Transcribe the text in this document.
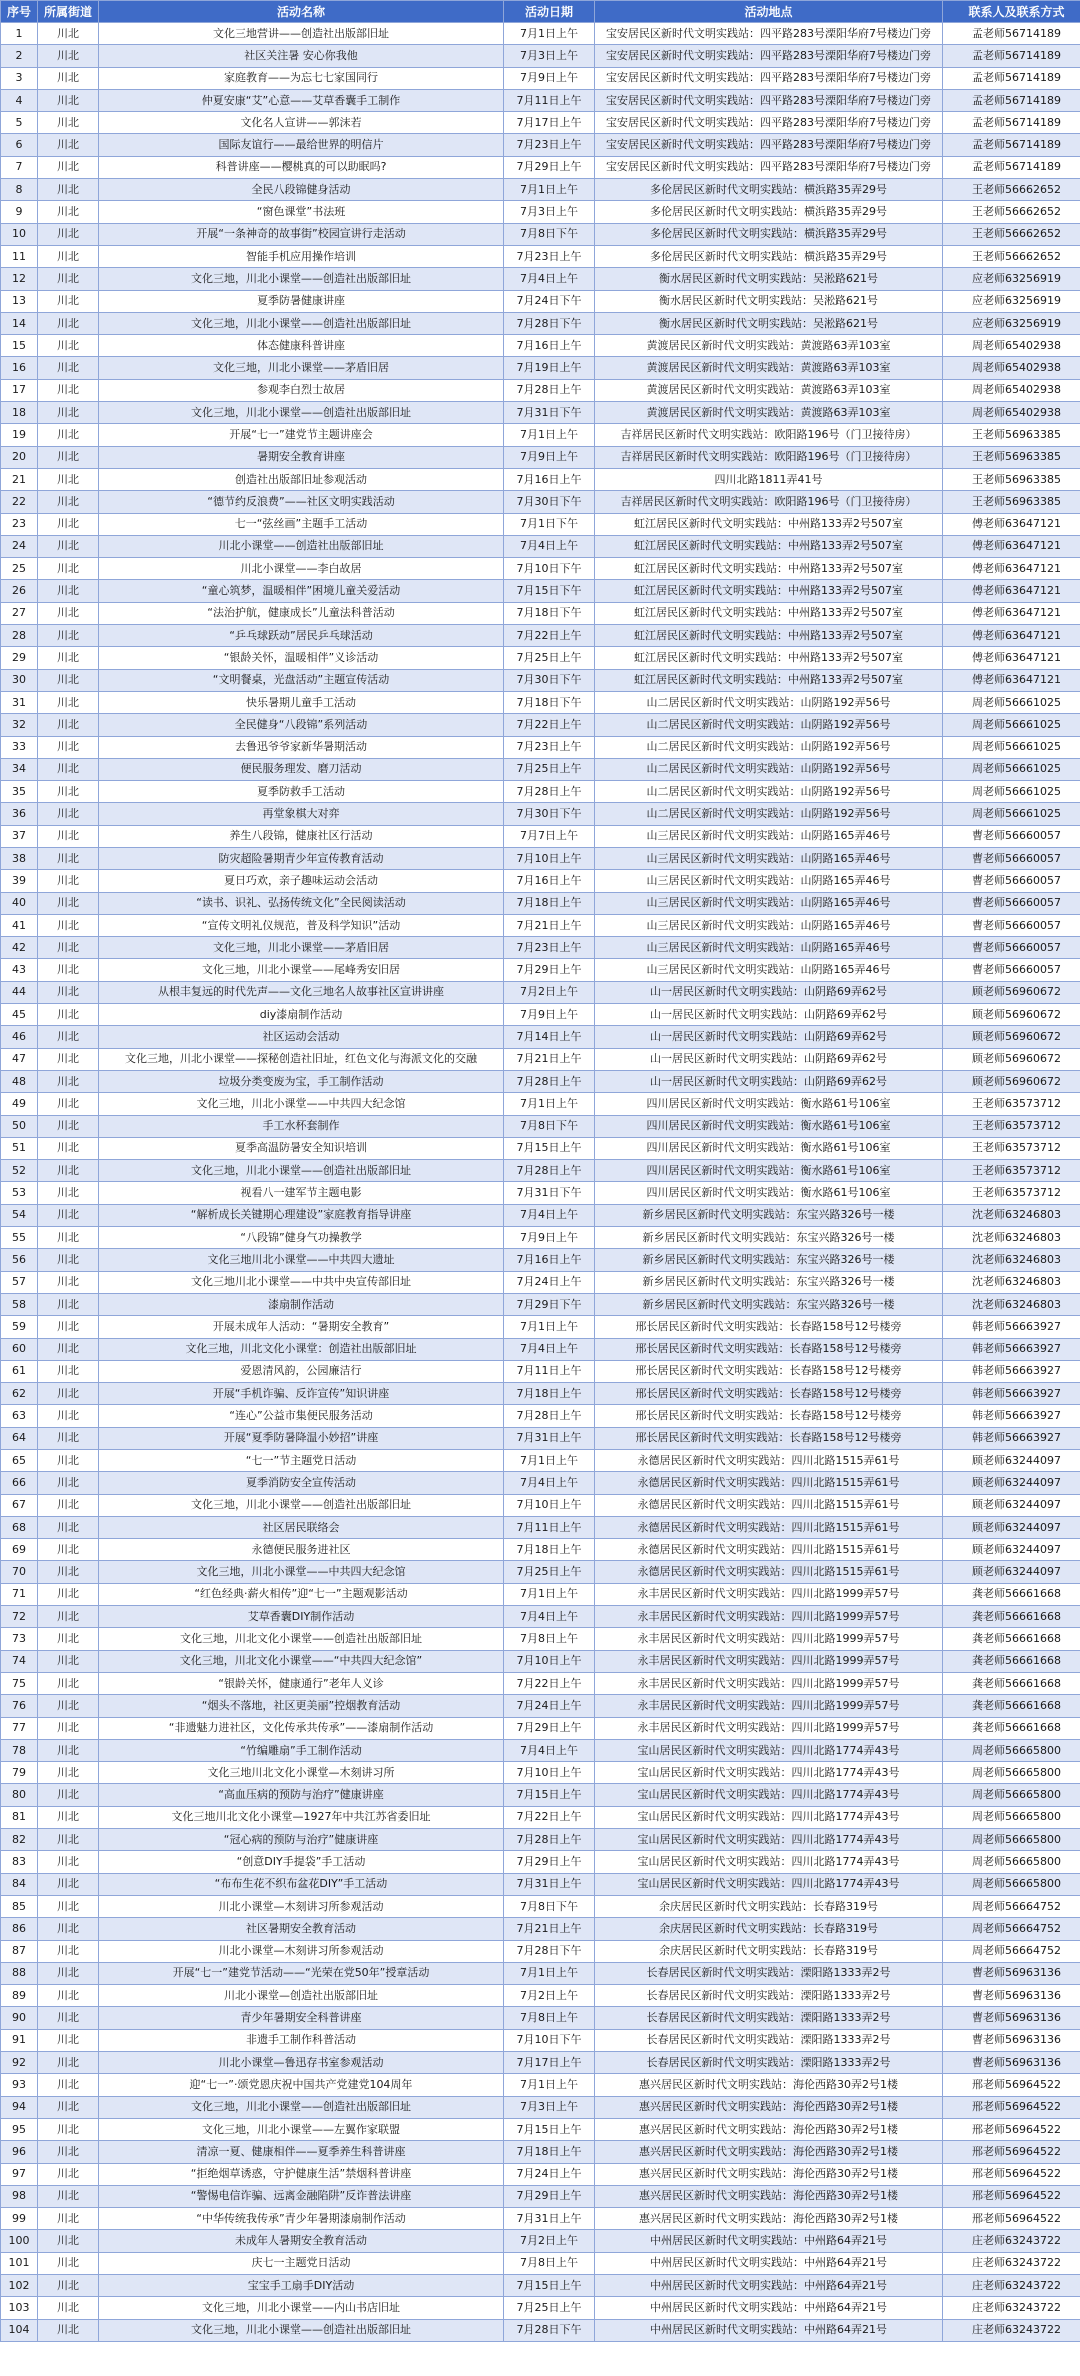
序号	所属街道	活动名称	活动日期	活动地点	联系人及联系方式
1	川北	文化三地营讲——创造社出版部旧址	7月1日上午	宝安居民区新时代文明实践站：四平路283号溧阳华府7号楼边门旁	孟老师56714189
2	川北	社区关注暑 安心你我他	7月3日上午	宝安居民区新时代文明实践站：四平路283号溧阳华府7号楼边门旁	孟老师56714189
3	川北	家庭教育——为忘七七家国同行	7月9日上午	宝安居民区新时代文明实践站：四平路283号溧阳华府7号楼边门旁	孟老师56714189
4	川北	仲夏安康“艾”心意——艾草香囊手工制作	7月11日上午	宝安居民区新时代文明实践站：四平路283号溧阳华府7号楼边门旁	孟老师56714189
5	川北	文化名人宣讲——郭沫若	7月17日上午	宝安居民区新时代文明实践站：四平路283号溧阳华府7号楼边门旁	孟老师56714189
6	川北	国际友谊行——最给世界的明信片	7月23日上午	宝安居民区新时代文明实践站：四平路283号溧阳华府7号楼边门旁	孟老师56714189
7	川北	科普讲座——樱桃真的可以助眠吗?	7月29日上午	宝安居民区新时代文明实践站：四平路283号溧阳华府7号楼边门旁	孟老师56714189
8	川北	全民八段锦健身活动	7月1日上午	多伦居民区新时代文明实践站：横浜路35弄29号	王老师56662652
9	川北	“窗色课堂”书法班	7月3日上午	多伦居民区新时代文明实践站：横浜路35弄29号	王老师56662652
10	川北	开展“一条神奇的故事街”校园宣讲行走活动	7月8日下午	多伦居民区新时代文明实践站：横浜路35弄29号	王老师56662652
11	川北	智能手机应用操作培训	7月23日上午	多伦居民区新时代文明实践站：横浜路35弄29号	王老师56662652
12	川北	文化三地，川北小课堂——创造社出版部旧址	7月4日上午	衡水居民区新时代文明实践站：吴淞路621号	应老师63256919
13	川北	夏季防暑健康讲座	7月24日下午	衡水居民区新时代文明实践站：吴淞路621号	应老师63256919
14	川北	文化三地，川北小课堂——创造社出版部旧址	7月28日下午	衡水居民区新时代文明实践站：吴淞路621号	应老师63256919
15	川北	体态健康科普讲座	7月16日上午	黄渡居民区新时代文明实践站：黄渡路63弄103室	周老师65402938
16	川北	文化三地，川北小课堂——茅盾旧居	7月19日上午	黄渡居民区新时代文明实践站：黄渡路63弄103室	周老师65402938
17	川北	参观李白烈士故居	7月28日上午	黄渡居民区新时代文明实践站：黄渡路63弄103室	周老师65402938
18	川北	文化三地，川北小课堂——创造社出版部旧址	7月31日下午	黄渡居民区新时代文明实践站：黄渡路63弄103室	周老师65402938
19	川北	开展“七一”建党节主题讲座会	7月1日上午	吉祥居民区新时代文明实践站：欧阳路196号（门卫接待房）	王老师56963385
20	川北	暑期安全教育讲座	7月9日上午	吉祥居民区新时代文明实践站：欧阳路196号（门卫接待房）	王老师56963385
21	川北	创造社出版部旧址参观活动	7月16日上午	四川北路1811弄41号	王老师56963385
22	川北	“德节约反浪费”——社区文明实践活动	7月30日下午	吉祥居民区新时代文明实践站：欧阳路196号（门卫接待房）	王老师56963385
23	川北	七一“弦丝画”主题手工活动	7月1日下午	虹江居民区新时代文明实践站：中州路133弄2号507室	傅老师63647121
24	川北	川北小课堂——创造社出版部旧址	7月4日上午	虹江居民区新时代文明实践站：中州路133弄2号507室	傅老师63647121
25	川北	川北小课堂——李白故居	7月10日下午	虹江居民区新时代文明实践站：中州路133弄2号507室	傅老师63647121
26	川北	“童心筑梦，温暖相伴”困境儿童关爱活动	7月15日下午	虹江居民区新时代文明实践站：中州路133弄2号507室	傅老师63647121
27	川北	“法治护航，健康成长”儿童法科普活动	7月18日下午	虹江居民区新时代文明实践站：中州路133弄2号507室	傅老师63647121
28	川北	“乒乓球跃动”居民乒乓球活动	7月22日上午	虹江居民区新时代文明实践站：中州路133弄2号507室	傅老师63647121
29	川北	“银龄关怀，温暖相伴”义诊活动	7月25日上午	虹江居民区新时代文明实践站：中州路133弄2号507室	傅老师63647121
30	川北	“文明餐桌，光盘活动”主题宣传活动	7月30日下午	虹江居民区新时代文明实践站：中州路133弄2号507室	傅老师63647121
31	川北	快乐暑期儿童手工活动	7月18日下午	山二居民区新时代文明实践站：山阴路192弄56号	周老师56661025
32	川北	全民健身“八段锦”系列活动	7月22日上午	山二居民区新时代文明实践站：山阴路192弄56号	周老师56661025
33	川北	去鲁迅爷爷家新华暑期活动	7月23日上午	山二居民区新时代文明实践站：山阴路192弄56号	周老师56661025
34	川北	便民服务理发、磨刀活动	7月25日上午	山二居民区新时代文明实践站：山阴路192弄56号	周老师56661025
35	川北	夏季防救手工活动	7月28日上午	山二居民区新时代文明实践站：山阴路192弄56号	周老师56661025
36	川北	再堂象棋大对弈	7月30日下午	山二居民区新时代文明实践站：山阴路192弄56号	周老师56661025
37	川北	养生八段锦，健康社区行活动	7月7日上午	山三居民区新时代文明实践站：山阴路165弄46号	曹老师56660057
38	川北	防灾超险暑期青少年宣传教育活动	7月10日上午	山三居民区新时代文明实践站：山阴路165弄46号	曹老师56660057
39	川北	夏日巧欢，亲子趣味运动会活动	7月16日上午	山三居民区新时代文明实践站：山阴路165弄46号	曹老师56660057
40	川北	“读书、识礼、弘扬传统文化”全民阅读活动	7月18日上午	山三居民区新时代文明实践站：山阴路165弄46号	曹老师56660057
41	川北	“宣传文明礼仪规范，普及科学知识”活动	7月21日上午	山三居民区新时代文明实践站：山阴路165弄46号	曹老师56660057
42	川北	文化三地，川北小课堂——茅盾旧居	7月23日上午	山三居民区新时代文明实践站：山阴路165弄46号	曹老师56660057
43	川北	文化三地，川北小课堂——尾峰秀安旧居	7月29日上午	山三居民区新时代文明实践站：山阴路165弄46号	曹老师56660057
44	川北	从根丰复远的时代先声——文化三地名人故事社区宣讲讲座	7月2日上午	山一居民区新时代文明实践站：山阴路69弄62号	顾老师56960672
45	川北	diy漆扇制作活动	7月9日上午	山一居民区新时代文明实践站：山阴路69弄62号	顾老师56960672
46	川北	社区运动会活动	7月14日上午	山一居民区新时代文明实践站：山阴路69弄62号	顾老师56960672
47	川北	文化三地，川北小课堂——探秘创造社旧址，红色文化与海派文化的交融	7月21日上午	山一居民区新时代文明实践站：山阴路69弄62号	顾老师56960672
48	川北	垃圾分类变废为宝，手工制作活动	7月28日上午	山一居民区新时代文明实践站：山阴路69弄62号	顾老师56960672
49	川北	文化三地，川北小课堂——中共四大纪念馆	7月1日上午	四川居民区新时代文明实践站：衡水路61号106室	王老师63573712
50	川北	手工水杯套制作	7月8日下午	四川居民区新时代文明实践站：衡水路61号106室	王老师63573712
51	川北	夏季高温防暑安全知识培训	7月15日上午	四川居民区新时代文明实践站：衡水路61号106室	王老师63573712
52	川北	文化三地，川北小课堂——创造社出版部旧址	7月28日上午	四川居民区新时代文明实践站：衡水路61号106室	王老师63573712
53	川北	视看八一建军节主题电影	7月31日下午	四川居民区新时代文明实践站：衡水路61号106室	王老师63573712
54	川北	“解析成长关键期心理建设”家庭教育指导讲座	7月4日上午	新乡居民区新时代文明实践站：东宝兴路326号一楼	沈老师63246803
55	川北	“八段锦”健身气功操教学	7月9日上午	新乡居民区新时代文明实践站：东宝兴路326号一楼	沈老师63246803
56	川北	文化三地川北小课堂——中共四大遗址	7月16日上午	新乡居民区新时代文明实践站：东宝兴路326号一楼	沈老师63246803
57	川北	文化三地川北小课堂——中共中央宣传部旧址	7月24日上午	新乡居民区新时代文明实践站：东宝兴路326号一楼	沈老师63246803
58	川北	漆扇制作活动	7月29日下午	新乡居民区新时代文明实践站：东宝兴路326号一楼	沈老师63246803
59	川北	开展未成年人活动：“暑期安全教育”	7月1日上午	邢长居民区新时代文明实践站：长春路158号12号楼旁	韩老师56663927
60	川北	文化三地，川北文化小课堂：创造社出版部旧址	7月4日上午	邢长居民区新时代文明实践站：长春路158号12号楼旁	韩老师56663927
61	川北	爱恩清风韵，公园廉洁行	7月11日上午	邢长居民区新时代文明实践站：长春路158号12号楼旁	韩老师56663927
62	川北	开展“手机诈骗、反诈宣传”知识讲座	7月18日上午	邢长居民区新时代文明实践站：长春路158号12号楼旁	韩老师56663927
63	川北	“连心”公益市集便民服务活动	7月28日上午	邢长居民区新时代文明实践站：长春路158号12号楼旁	韩老师56663927
64	川北	开展“夏季防暑降温小妙招”讲座	7月31日上午	邢长居民区新时代文明实践站：长春路158号12号楼旁	韩老师56663927
65	川北	“七一”节主题党日活动	7月1日上午	永德居民区新时代文明实践站：四川北路1515弄61号	顾老师63244097
66	川北	夏季消防安全宣传活动	7月4日上午	永德居民区新时代文明实践站：四川北路1515弄61号	顾老师63244097
67	川北	文化三地，川北小课堂——创造社出版部旧址	7月10日上午	永德居民区新时代文明实践站：四川北路1515弄61号	顾老师63244097
68	川北	社区居民联络会	7月11日上午	永德居民区新时代文明实践站：四川北路1515弄61号	顾老师63244097
69	川北	永德便民服务进社区	7月18日上午	永德居民区新时代文明实践站：四川北路1515弄61号	顾老师63244097
70	川北	文化三地，川北小课堂——中共四大纪念馆	7月25日上午	永德居民区新时代文明实践站：四川北路1515弄61号	顾老师63244097
71	川北	“红色经典·薪火相传”迎“七一”主题观影活动	7月1日上午	永丰居民区新时代文明实践站：四川北路1999弄57号	龚老师56661668
72	川北	艾草香囊DIY制作活动	7月4日上午	永丰居民区新时代文明实践站：四川北路1999弄57号	龚老师56661668
73	川北	文化三地，川北文化小课堂——创造社出版部旧址	7月8日上午	永丰居民区新时代文明实践站：四川北路1999弄57号	龚老师56661668
74	川北	文化三地，川北文化小课堂——“中共四大纪念馆”	7月10日上午	永丰居民区新时代文明实践站：四川北路1999弄57号	龚老师56661668
75	川北	“银龄关怀，健康通行”老年人义诊	7月22日上午	永丰居民区新时代文明实践站：四川北路1999弄57号	龚老师56661668
76	川北	“烟头不落地，社区更美丽”控烟教育活动	7月24日上午	永丰居民区新时代文明实践站：四川北路1999弄57号	龚老师56661668
77	川北	“非遗魅力进社区，文化传承共传承”——漆扇制作活动	7月29日上午	永丰居民区新时代文明实践站：四川北路1999弄57号	龚老师56661668
78	川北	“竹编雕扇”手工制作活动	7月4日上午	宝山居民区新时代文明实践站：四川北路1774弄43号	周老师56665800
79	川北	文化三地川北文化小课堂—木刻讲习所	7月10日上午	宝山居民区新时代文明实践站：四川北路1774弄43号	周老师56665800
80	川北	“高血压病的预防与治疗”健康讲座	7月15日上午	宝山居民区新时代文明实践站：四川北路1774弄43号	周老师56665800
81	川北	文化三地川北文化小课堂—1927年中共江苏省委旧址	7月22日上午	宝山居民区新时代文明实践站：四川北路1774弄43号	周老师56665800
82	川北	“冠心病的预防与治疗”健康讲座	7月28日上午	宝山居民区新时代文明实践站：四川北路1774弄43号	周老师56665800
83	川北	“创意DIY手提袋”手工活动	7月29日上午	宝山居民区新时代文明实践站：四川北路1774弄43号	周老师56665800
84	川北	“布布生花不织布盆花DIY”手工活动	7月31日上午	宝山居民区新时代文明实践站：四川北路1774弄43号	周老师56665800
85	川北	川北小课堂—木刻讲习所参观活动	7月8日下午	余庆居民区新时代文明实践站：长春路319号	周老师56664752
86	川北	社区暑期安全教育活动	7月21日上午	余庆居民区新时代文明实践站：长春路319号	周老师56664752
87	川北	川北小课堂—木刻讲习所参观活动	7月28日下午	余庆居民区新时代文明实践站：长春路319号	周老师56664752
88	川北	开展“七一”建党节活动——“光荣在党50年”授章活动	7月1日上午	长春居民区新时代文明实践站：溧阳路1333弄2号	曹老师56963136
89	川北	川北小课堂—创造社出版部旧址	7月2日上午	长春居民区新时代文明实践站：溧阳路1333弄2号	曹老师56963136
90	川北	青少年暑期安全科普讲座	7月8日上午	长春居民区新时代文明实践站：溧阳路1333弄2号	曹老师56963136
91	川北	非遗手工制作科普活动	7月10日下午	长春居民区新时代文明实践站：溧阳路1333弄2号	曹老师56963136
92	川北	川北小课堂—鲁迅存书室参观活动	7月17日上午	长春居民区新时代文明实践站：溧阳路1333弄2号	曹老师56963136
93	川北	迎“七一”·颂党恩庆祝中国共产党建党104周年	7月1日上午	惠兴居民区新时代文明实践站：海伦西路30弄2号1楼	邢老师56964522
94	川北	文化三地，川北小课堂——创造社出版部旧址	7月3日上午	惠兴居民区新时代文明实践站：海伦西路30弄2号1楼	邢老师56964522
95	川北	文化三地，川北小课堂——左翼作家联盟	7月15日上午	惠兴居民区新时代文明实践站：海伦西路30弄2号1楼	邢老师56964522
96	川北	清凉一夏、健康相伴——夏季养生科普讲座	7月18日上午	惠兴居民区新时代文明实践站：海伦西路30弄2号1楼	邢老师56964522
97	川北	“拒绝烟草诱惑，守护健康生活”禁烟科普讲座	7月24日上午	惠兴居民区新时代文明实践站：海伦西路30弄2号1楼	邢老师56964522
98	川北	“警惕电信诈骗、远离金融陷阱”反诈普法讲座	7月29日上午	惠兴居民区新时代文明实践站：海伦西路30弄2号1楼	邢老师56964522
99	川北	“中华传统我传承”青少年暑期漆扇制作活动	7月31日上午	惠兴居民区新时代文明实践站：海伦西路30弄2号1楼	邢老师56964522
100	川北	未成年人暑期安全教育活动	7月2日上午	中州居民区新时代文明实践站：中州路64弄21号	庄老师63243722
101	川北	庆七一主题党日活动	7月8日上午	中州居民区新时代文明实践站：中州路64弄21号	庄老师63243722
102	川北	宝宝手工扇手DIY活动	7月15日上午	中州居民区新时代文明实践站：中州路64弄21号	庄老师63243722
103	川北	文化三地，川北小课堂——内山书店旧址	7月25日上午	中州居民区新时代文明实践站：中州路64弄21号	庄老师63243722
104	川北	文化三地，川北小课堂——创造社出版部旧址	7月28日下午	中州居民区新时代文明实践站：中州路64弄21号	庄老师63243722
